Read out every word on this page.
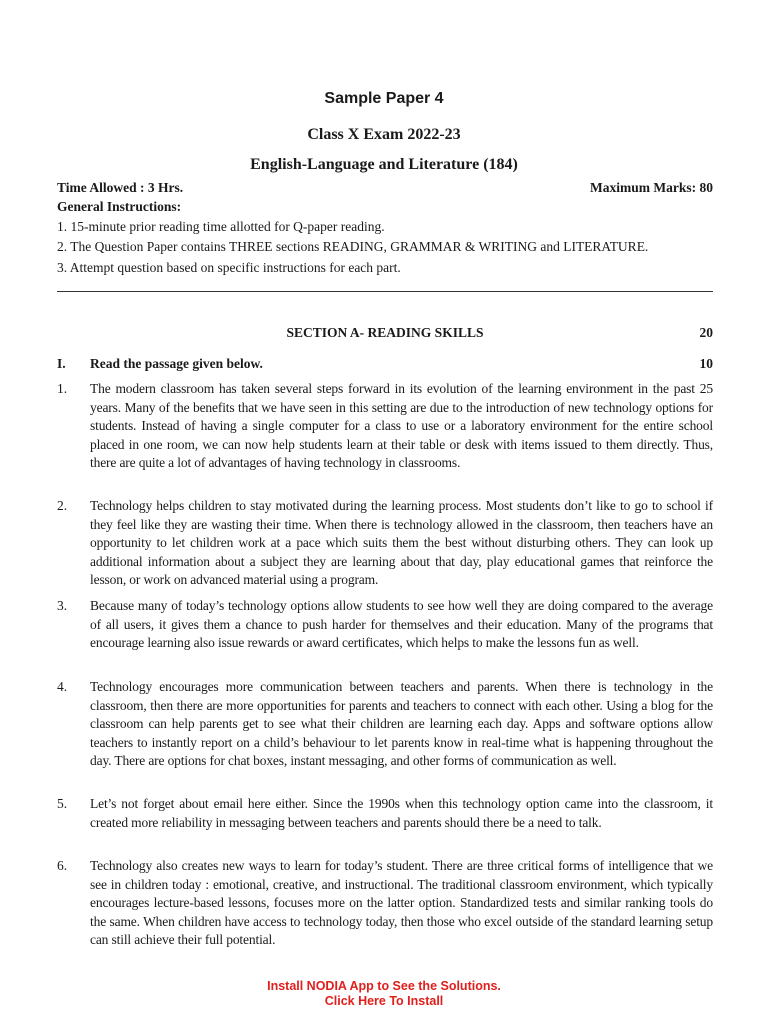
Sample Paper 4
Class X Exam 2022-23
English-Language and Literature (184)
Time Allowed : 3 Hrs.	Maximum Marks: 80
General Instructions:
1. 15-minute prior reading time allotted for Q-paper reading.
2. The Question Paper contains THREE sections READING, GRAMMAR & WRITING and LITERATURE.
3. Attempt question based on specific instructions for each part.
SECTION A- READING SKILLS	20
I.	Read the passage given below.	10
1.	The modern classroom has taken several steps forward in its evolution of the learning environment in the past 25 years. Many of the benefits that we have seen in this setting are due to the introduction of new technology options for students. Instead of having a single computer for a class to use or a laboratory environment for the entire school placed in one room, we can now help students learn at their table or desk with items issued to them directly. Thus, there are quite a lot of advantages of having technology in classrooms.
2.	Technology helps children to stay motivated during the learning process. Most students don’t like to go to school if they feel like they are wasting their time. When there is technology allowed in the classroom, then teachers have an opportunity to let children work at a pace which suits them the best without disturbing others. They can look up additional information about a subject they are learning about that day, play educational games that reinforce the lesson, or work on advanced material using a program.
3.	Because many of today’s technology options allow students to see how well they are doing compared to the average of all users, it gives them a chance to push harder for themselves and their education. Many of the programs that encourage learning also issue rewards or award certificates, which helps to make the lessons fun as well.
4.	Technology encourages more communication between teachers and parents. When there is technology in the classroom, then there are more opportunities for parents and teachers to connect with each other. Using a blog for the classroom can help parents get to see what their children are learning each day. Apps and software options allow teachers to instantly report on a child’s behaviour to let parents know in real-time what is happening throughout the day. There are options for chat boxes, instant messaging, and other forms of communication as well.
5.	Let’s not forget about email here either. Since the 1990s when this technology option came into the classroom, it created more reliability in messaging between teachers and parents should there be a need to talk.
6.	Technology also creates new ways to learn for today’s student. There are three critical forms of intelligence that we see in children today : emotional, creative, and instructional. The traditional classroom environment, which typically encourages lecture-based lessons, focuses more on the latter option. Standardized tests and similar ranking tools do the same. When children have access to technology today, then those who excel outside of the standard learning setup can still achieve their full potential.
Install NODIA App to See the Solutions.
Click Here To Install
